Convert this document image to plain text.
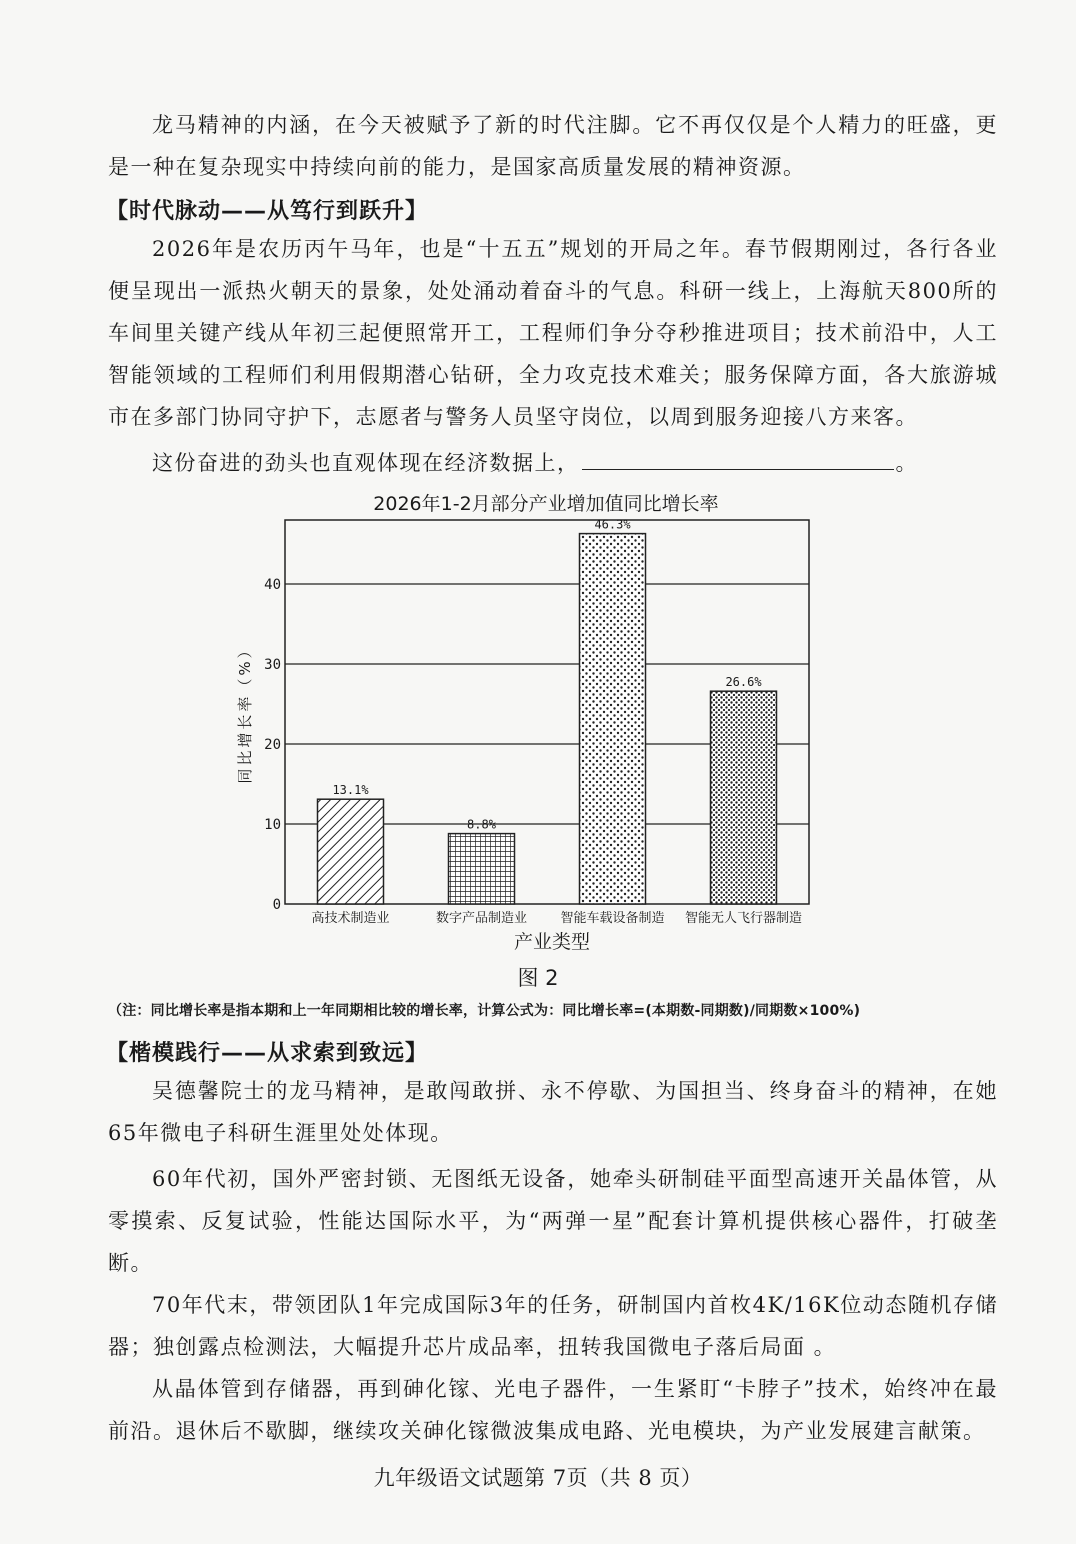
龙马精神的内涵，在今天被赋予了新的时代注脚。它不再仅仅是个人精力的旺盛，更是一种在复杂现实中持续向前的能力，是国家高质量发展的精神资源。
【时代脉动——从笃行到跃升】
2026年是农历丙午马年，也是“十五五”规划的开局之年。春节假期刚过，各行各业便呈现出一派热火朝天的景象，处处涌动着奋斗的气息。科研一线上，上海航天800所的车间里关键产线从年初三起便照常开工，工程师们争分夺秒推进项目；技术前沿中，人工智能领域的工程师们利用假期潜心钻研，全力攻克技术难关；服务保障方面，各大旅游城市在多部门协同守护下，志愿者与警务人员坚守岗位，以周到服务迎接八方来客。
这份奋进的劲头也直观体现在经济数据上，	。
2026年1-2月部分产业增加值同比增长率
0
10
20
30
40
13.1%
8.8%
46.3%
26.6%
高技术制造业	数字产品制造业	智能车载设备制造 智能无人飞行器制造
同比增长率（%）
产业类型
图 2
（注：同比增长率是指本期和上一年同期相比较的增长率，计算公式为：同比增长率=(本期数-同期数)/同期数×100%)
【楷模践行——从求索到致远】
吴德馨院士的龙马精神，是敢闯敢拼、永不停歇、为国担当、终身奋斗的精神，在她65年微电子科研生涯里处处体现。
60年代初，国外严密封锁、无图纸无设备，她牵头研制硅平面型高速开关晶体管，从零摸索、反复试验，性能达国际水平，为“两弹一星”配套计算机提供核心器件，打破垄断。
70年代末，带领团队1年完成国际3年的任务，研制国内首枚4K/16K位动态随机存储器；独创露点检测法，大幅提升芯片成品率，扭转我国微电子落后局面 。
从晶体管到存储器，再到砷化镓、光电子器件，一生紧盯“卡脖子”技术，始终冲在最前沿。退休后不歇脚，继续攻关砷化镓微波集成电路、光电模块，为产业发展建言献策。
九年级语文试题第 7页（共 8 页）
